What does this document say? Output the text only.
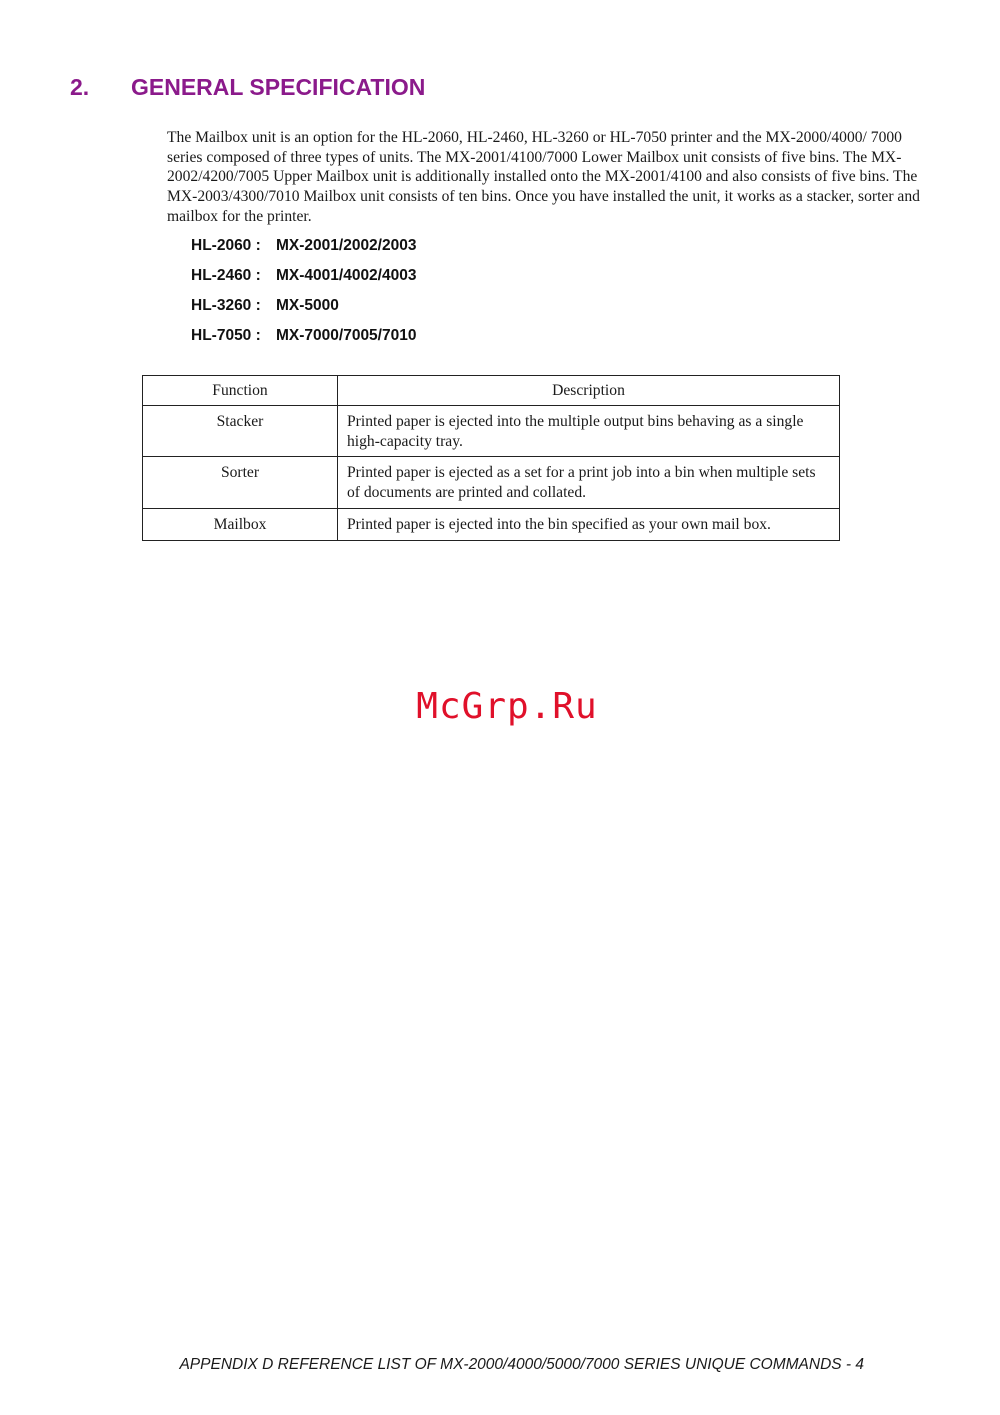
2. GENERAL SPECIFICATION

The Mailbox unit is an option for the HL-2060, HL-2460, HL-3260 or HL-7050 printer and the MX-2000/4000/ 7000 series composed of three types of units. The MX-2001/4100/7000 Lower Mailbox unit consists of five bins. The MX-2002/4200/7005 Upper Mailbox unit is additionally installed onto the MX-2001/4100 and also consists of five bins. The MX-2003/4300/7010 Mailbox unit consists of ten bins. Once you have installed the unit, it works as a stacker, sorter and mailbox for the printer.

HL-2060 : MX-2001/2002/2003
HL-2460 : MX-4001/4002/4003
HL-3260 : MX-5000
HL-7050 : MX-7000/7005/7010
Function	Description
Stacker	Printed paper is ejected into the multiple output bins behaving as a single high-capacity tray.
Sorter	Printed paper is ejected as a set for a print job into a bin when multiple sets of documents are printed and collated.
Mailbox	Printed paper is ejected into the bin specified as your own mail box.
McGrp.Ru
APPENDIX D REFERENCE LIST OF MX-2000/4000/5000/7000 SERIES UNIQUE COMMANDS - 4
